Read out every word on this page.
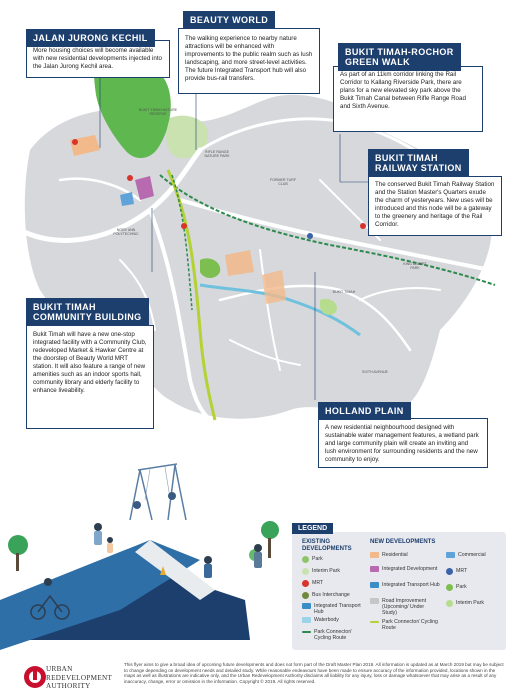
BUKIT TIMAH NATURE RESERVE
RIFLE RANGE NATURE PARK
FORMER TURF CLUB
NGEE ANN POLYTECHNIC
BUKIT TIMAH
KING ALBERT PARK
SIXTH AVENUE
JALAN JURONG KECHIL
More housing choices will become available with new residential developments injected into the Jalan Jurong Kechil area.
BEAUTY WORLD
The walking experience to nearby nature attractions will be enhanced with improvements to the public realm such as lush landscaping, and more street-level activities. The future Integrated Transport hub will also provide bus-rail transfers.
BUKIT TIMAH-ROCHOR
GREEN WALK
As part of an 11km corridor linking the Rail Corridor to Kallang Riverside Park, there are plans for a new elevated sky park above the Bukit Timah Canal between Rifle Range Road and Sixth Avenue.
BUKIT TIMAH
RAILWAY STATION
The conserved Bukit Timah Railway Station and the Station Master's Quarters exude the charm of yesteryears. New uses will be introduced and this node will be a gateway to the greenery and heritage of the Rail Corridor.
BUKIT TIMAH
COMMUNITY BUILDING
Bukit Timah will have a new one-stop integrated facility with a Community Club, redeveloped Market & Hawker Centre at the doorstep of Beauty World MRT station. It will also feature a range of new amenities such as an indoor sports hall, community library and elderly facility to enhance liveability.
HOLLAND PLAIN
A new residential neighbourhood designed with sustainable water management features, a wetland park and large community plain will create an inviting and lush environment for surrounding residents and the new community to enjoy.
LEGEND
EXISTING DEVELOPMENTS
NEW DEVELOPMENTS
Park
Interim Park
MRT
Bus Interchange
Integrated Transport Hub
Waterbody
Park Connector/ Cycling Route
Residential
Integrated Development
Integrated Transport Hub
Road Improvement (Upcoming/ Under Study)
Park Connector/ Cycling Route
Commercial
MRT
Park
Interim Park
URBAN
REDEVELOPMENT
AUTHORITY
This flyer aims to give a broad idea of upcoming future developments and does not form part of the Draft Master Plan 2019. All information is updated as at March 2019 but may be subject to change depending on development needs and detailed study. While reasonable endeavours have been made to ensure accuracy of the information provided, locations shown in the maps as well as illustrations are indicative only, and the Urban Redevelopment Authority disclaims all liability for any injury, loss or damage whatsoever that may arise as a result of any inaccuracy, change, error or omission in the information. Copyright © 2019. All rights reserved.
